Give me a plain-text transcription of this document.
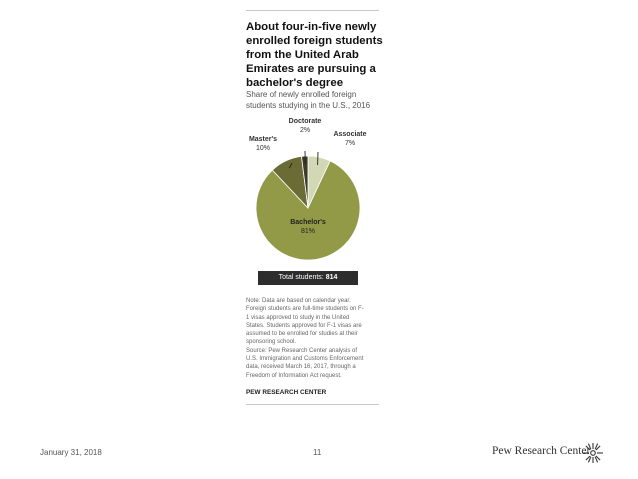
About four-in-five newly enrolled foreign students from the United Arab Emirates are pursuing a bachelor's degree
Share of newly enrolled foreign students studying in the U.S., 2016
Associate
7%
Bachelor's
81%
Master's
10%
Doctorate
2%
Total students: 814

Note: Data are based on calendar year.

Foreign students are full-time students on F-

1 visas approved to study in the United

States. Students approved for F-1 visas are

assumed to be enrolled for studies at their

sponsoring school.

Source: Pew Research Center analysis of

U.S. Immigration and Customs Enforcement

data, received March 16, 2017, through a

Freedom of Information Act request.

PEW RESEARCH CENTER
January 31, 2018	11	Pew Research Center
